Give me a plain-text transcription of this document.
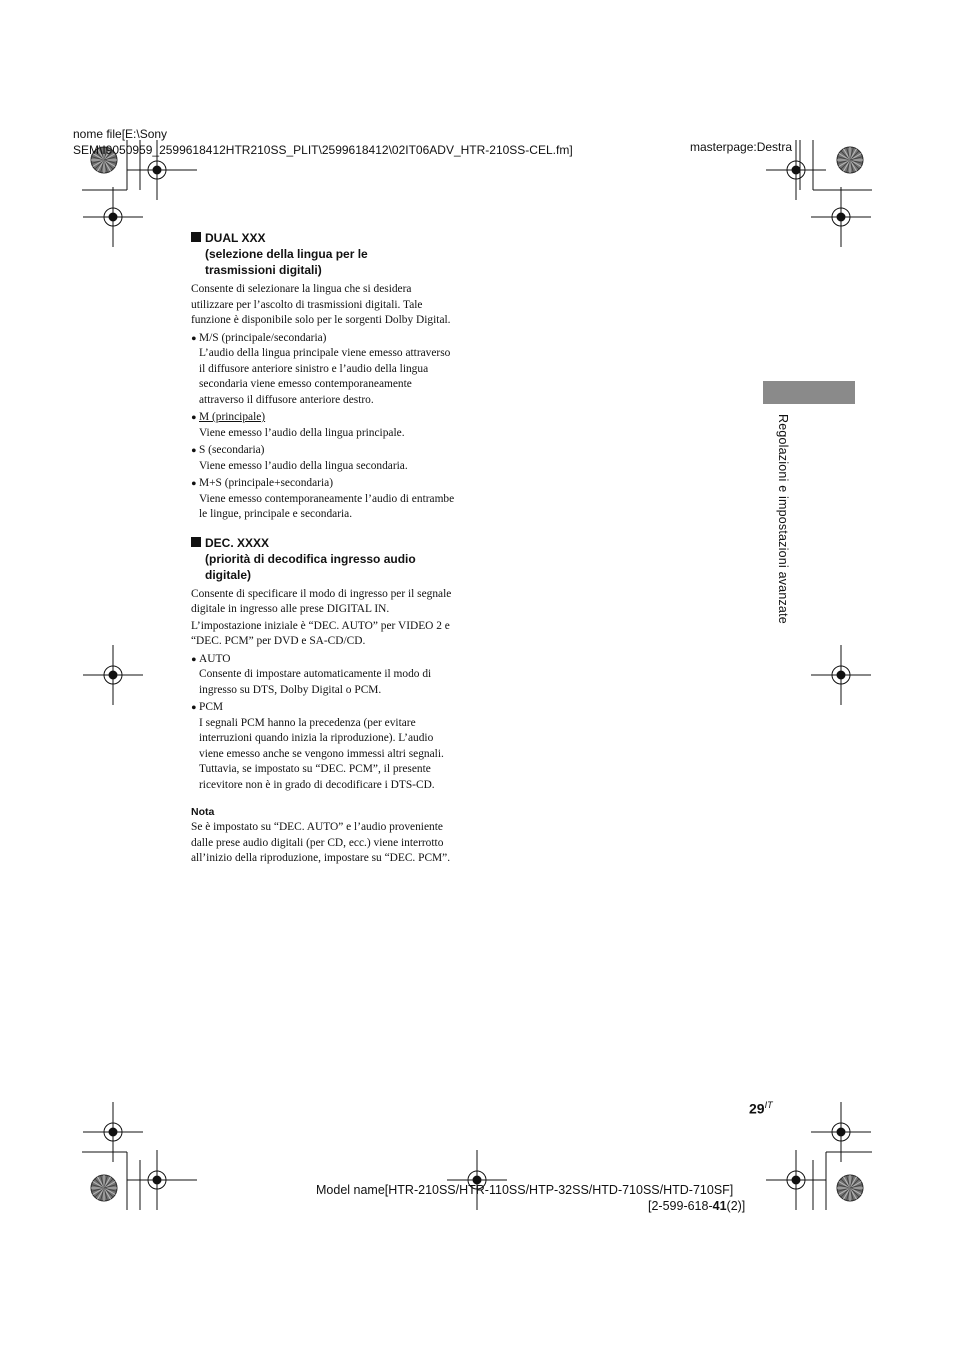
nome file[E:\Sony
SEM\I9050959_2599618412HTR210SS_PLIT\2599618412\02IT06ADV_HTR-210SS-CEL.fm]	masterpage:Destra
DUAL XXX
(selezione della lingua per le
trasmissioni digitali)

Consente di selezionare la lingua che si desidera utilizzare per l’ascolto di trasmissioni digitali. Tale funzione è disponibile solo per le sorgenti Dolby Digital.

• M/S (principale/secondaria)

L’audio della lingua principale viene emesso attraverso il diffusore anteriore sinistro e l’audio della lingua secondaria viene emesso contemporaneamente attraverso il diffusore anteriore destro.

• M (principale)

Viene emesso l’audio della lingua principale.

• S (secondaria)

Viene emesso l’audio della lingua secondaria.

• M+S (principale+secondaria)

Viene emesso contemporaneamente l’audio di entrambe le lingue, principale e secondaria.

DEC. XXXX
(priorità di decodifica ingresso audio
digitale)

Consente di specificare il modo di ingresso per il segnale digitale in ingresso alle prese DIGITAL IN.

L’impostazione iniziale è “DEC. AUTO” per VIDEO 2 e “DEC. PCM” per DVD e SA-CD/CD.

• AUTO

Consente di impostare automaticamente il modo di ingresso su DTS, Dolby Digital o PCM.

• PCM

I segnali PCM hanno la precedenza (per evitare interruzioni quando inizia la riproduzione). L’audio viene emesso anche se vengono immessi altri segnali. Tuttavia, se impostato su “DEC. PCM”, il presente ricevitore non è in grado di decodificare i DTS-CD.

Nota

Se è impostato su “DEC. AUTO” e l’audio proveniente dalle prese audio digitali (per CD, ecc.) viene interrotto all’inizio della riproduzione, impostare su “DEC. PCM”.

Regolazioni e impostazioni avanzate
$29^{IT}$
Model name[HTR-210SS/HTR-110SS/HTP-32SS/HTD-710SS/HTD-710SF]
[2-599-618-41(2)]
